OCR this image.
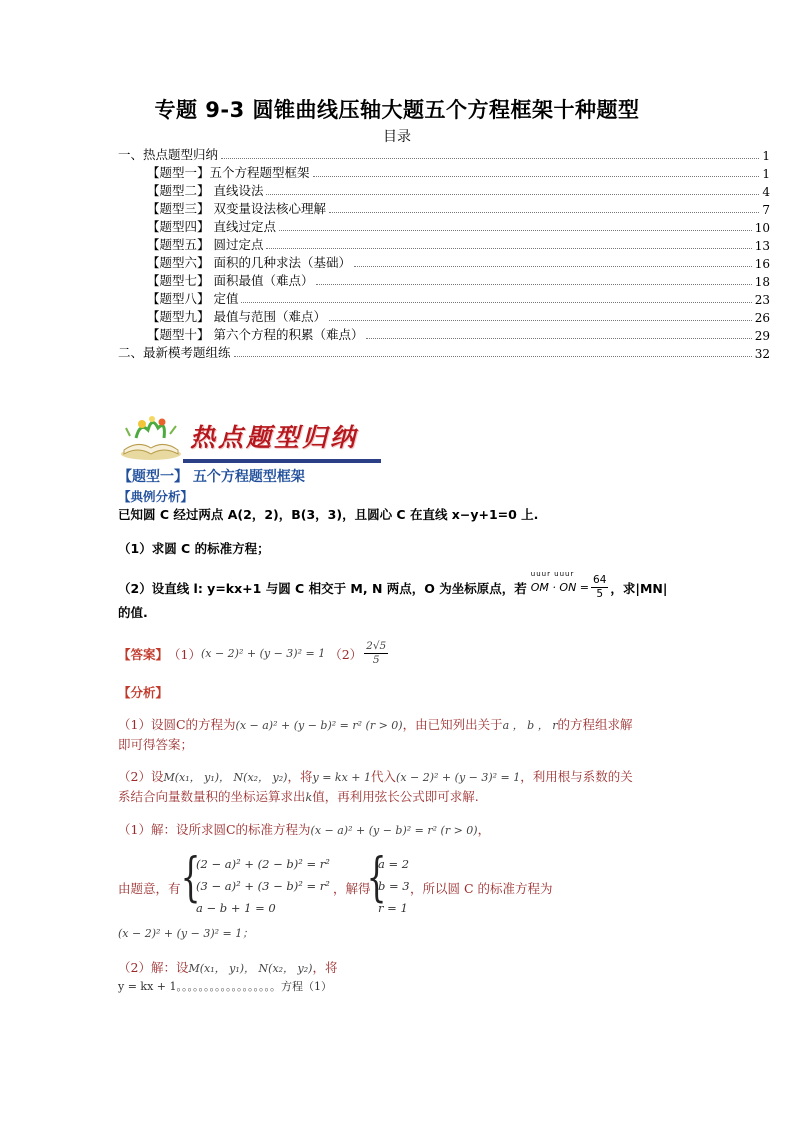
专题 9-3 圆锥曲线压轴大题五个方程框架十种题型
目录
一、热点题型归纳	1
【题型一】五个方程题型框架	1
【题型二】 直线设法	4
【题型三】 双变量设法核心理解	7
【题型四】 直线过定点	10
【题型五】 圆过定点	13
【题型六】 面积的几种求法（基础）	16
【题型七】 面积最值（难点）	18
【题型八】 定值	23
【题型九】 最值与范围（难点）	26
【题型十】 第六个方程的积累（难点）	29
二、最新模考题组练	32
热点题型归纳
【题型一】 五个方程题型框架
【典例分析】
已知圆 C 经过两点 A(2，2)，B(3，3)，且圆心 C 在直线 x−y+1=0 上.
（1）求圆 C 的标准方程；
（2）设直线 l: y=kx+1 与圆 C 相交于 M, N 两点，O 为坐标原点，若
uuur uuur
OM · ON = $\frac{64}{5}$ ，求|MN|
的值.
【答案】 （1） (x − 2)² + (y − 3)² = 1 $(2) \frac{2√5}{5}$
【分析】
（1）设圆C的方程为(x − a)² + (y − b)² = r² (r > 0)，由已知列出关于a ， b ， r的方程组求解
即可得答案；
（2）设M(x₁， y₁)， N(x₂， y₂)，将y = kx + 1代入(x − 2)² + (y − 3)² = 1，利用根与系数的关
系结合向量数量积的坐标运算求出k值，再利用弦长公式即可求解.
（1）解：设所求圆C的标准方程为(x − a)² + (y − b)² = r² (r > 0)，
由题意，有 {
(2 − a)² + (2 − b)² = r²
(3 − a)² + (3 − b)² = r²
a − b + 1 = 0
，解得
{
a = 2
b = 3
r = 1
，所以圆 C 的标准方程为
(x − 2)² + (y − 3)² = 1；
（2）解：设M(x₁， y₁)， N(x₂， y₂)，将
y = kx + 1。。。。。。。。。。。。。。。。。。方程（1）
